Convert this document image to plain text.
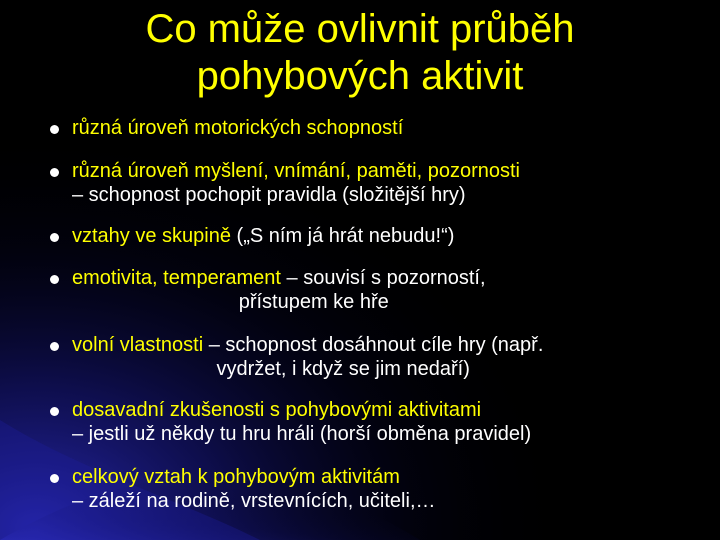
Co může ovlivnit průběh
pohybových aktivit
různá úroveň motorických schopností
různá úroveň myšlení, vnímání, paměti, pozornosti
– schopnost pochopit pravidla (složitější hry)
vztahy ve skupině („S ním já hrát nebudu!“)
emotivita, temperament – souvisí s pozorností,
přístupem ke hře
volní vlastnosti – schopnost dosáhnout cíle hry (např.
vydržet, i když se jim nedaří)
dosavadní zkušenosti s pohybovými aktivitami
– jestli už někdy tu hru hráli (horší obměna pravidel)
celkový vztah k pohybovým aktivitám
– záleží na rodině, vrstevnících, učiteli,…
